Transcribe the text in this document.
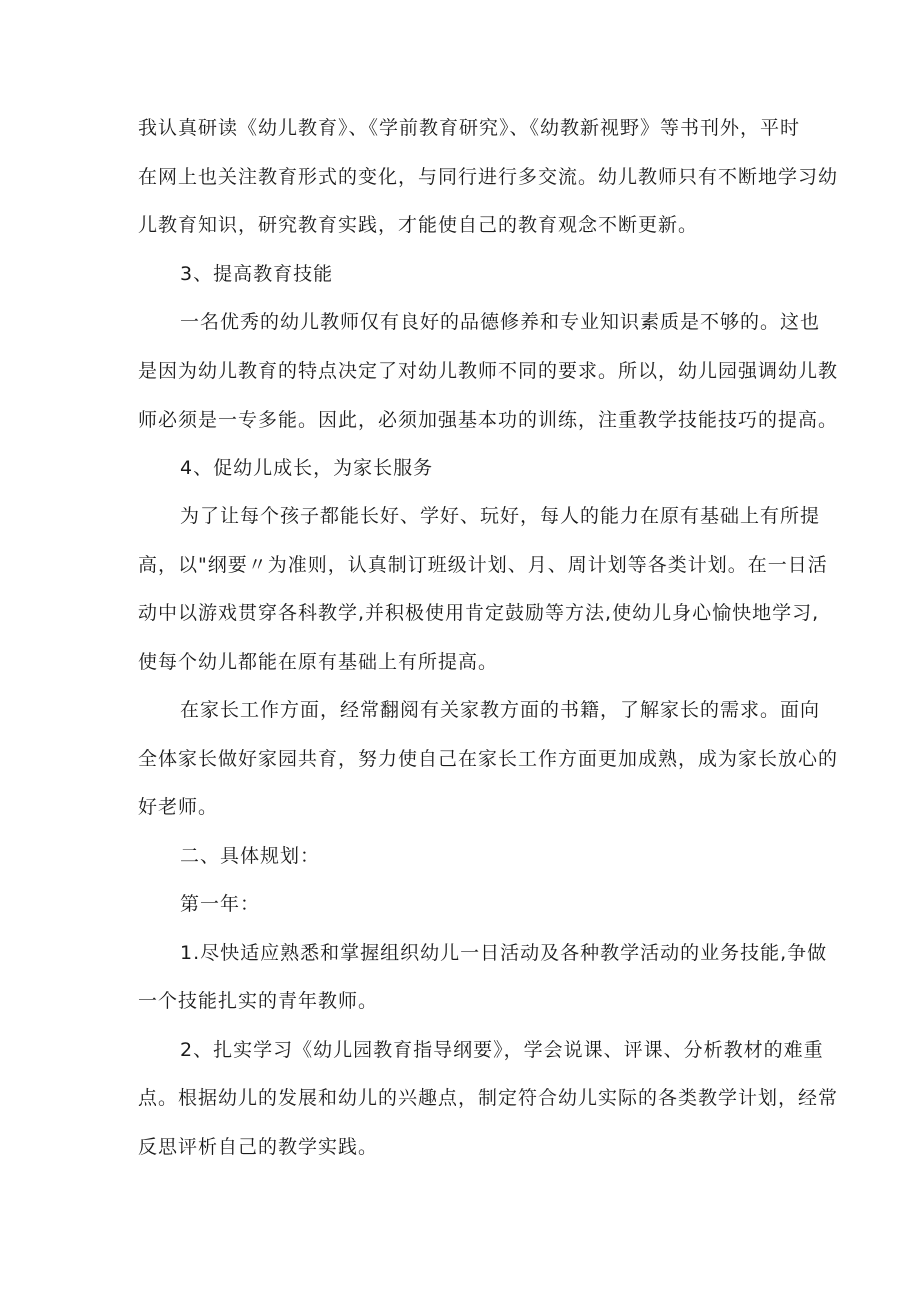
我认真研读《幼儿教育》、《学前教育研究》、《幼教新视野》等书刊外，平时
在网上也关注教育形式的变化，与同行进行多交流。幼儿教师只有不断地学习幼
儿教育知识，研究教育实践，才能使自己的教育观念不断更新。
3、提高教育技能
一名优秀的幼儿教师仅有良好的品德修养和专业知识素质是不够的。这也
是因为幼儿教育的特点决定了对幼儿教师不同的要求。所以，幼儿园强调幼儿教
师必须是一专多能。因此，必须加强基本功的训练，注重教学技能技巧的提高。
4、促幼儿成长，为家长服务
为了让每个孩子都能长好、学好、玩好，每人的能力在原有基础上有所提
高，以"纲要〃为准则，认真制订班级计划、月、周计划等各类计划。在一日活
动中以游戏贯穿各科教学,并积极使用肯定鼓励等方法,使幼儿身心愉快地学习,
使每个幼儿都能在原有基础上有所提高。
在家长工作方面，经常翻阅有关家教方面的书籍，了解家长的需求。面向
全体家长做好家园共育，努力使自己在家长工作方面更加成熟，成为家长放心的
好老师。
二、具体规划：
第一年：
1.尽快适应熟悉和掌握组织幼儿一日活动及各种教学活动的业务技能,争做
一个技能扎实的青年教师。
2、扎实学习《幼儿园教育指导纲要》，学会说课、评课、分析教材的难重
点。根据幼儿的发展和幼儿的兴趣点，制定符合幼儿实际的各类教学计划，经常
反思评析自己的教学实践。
